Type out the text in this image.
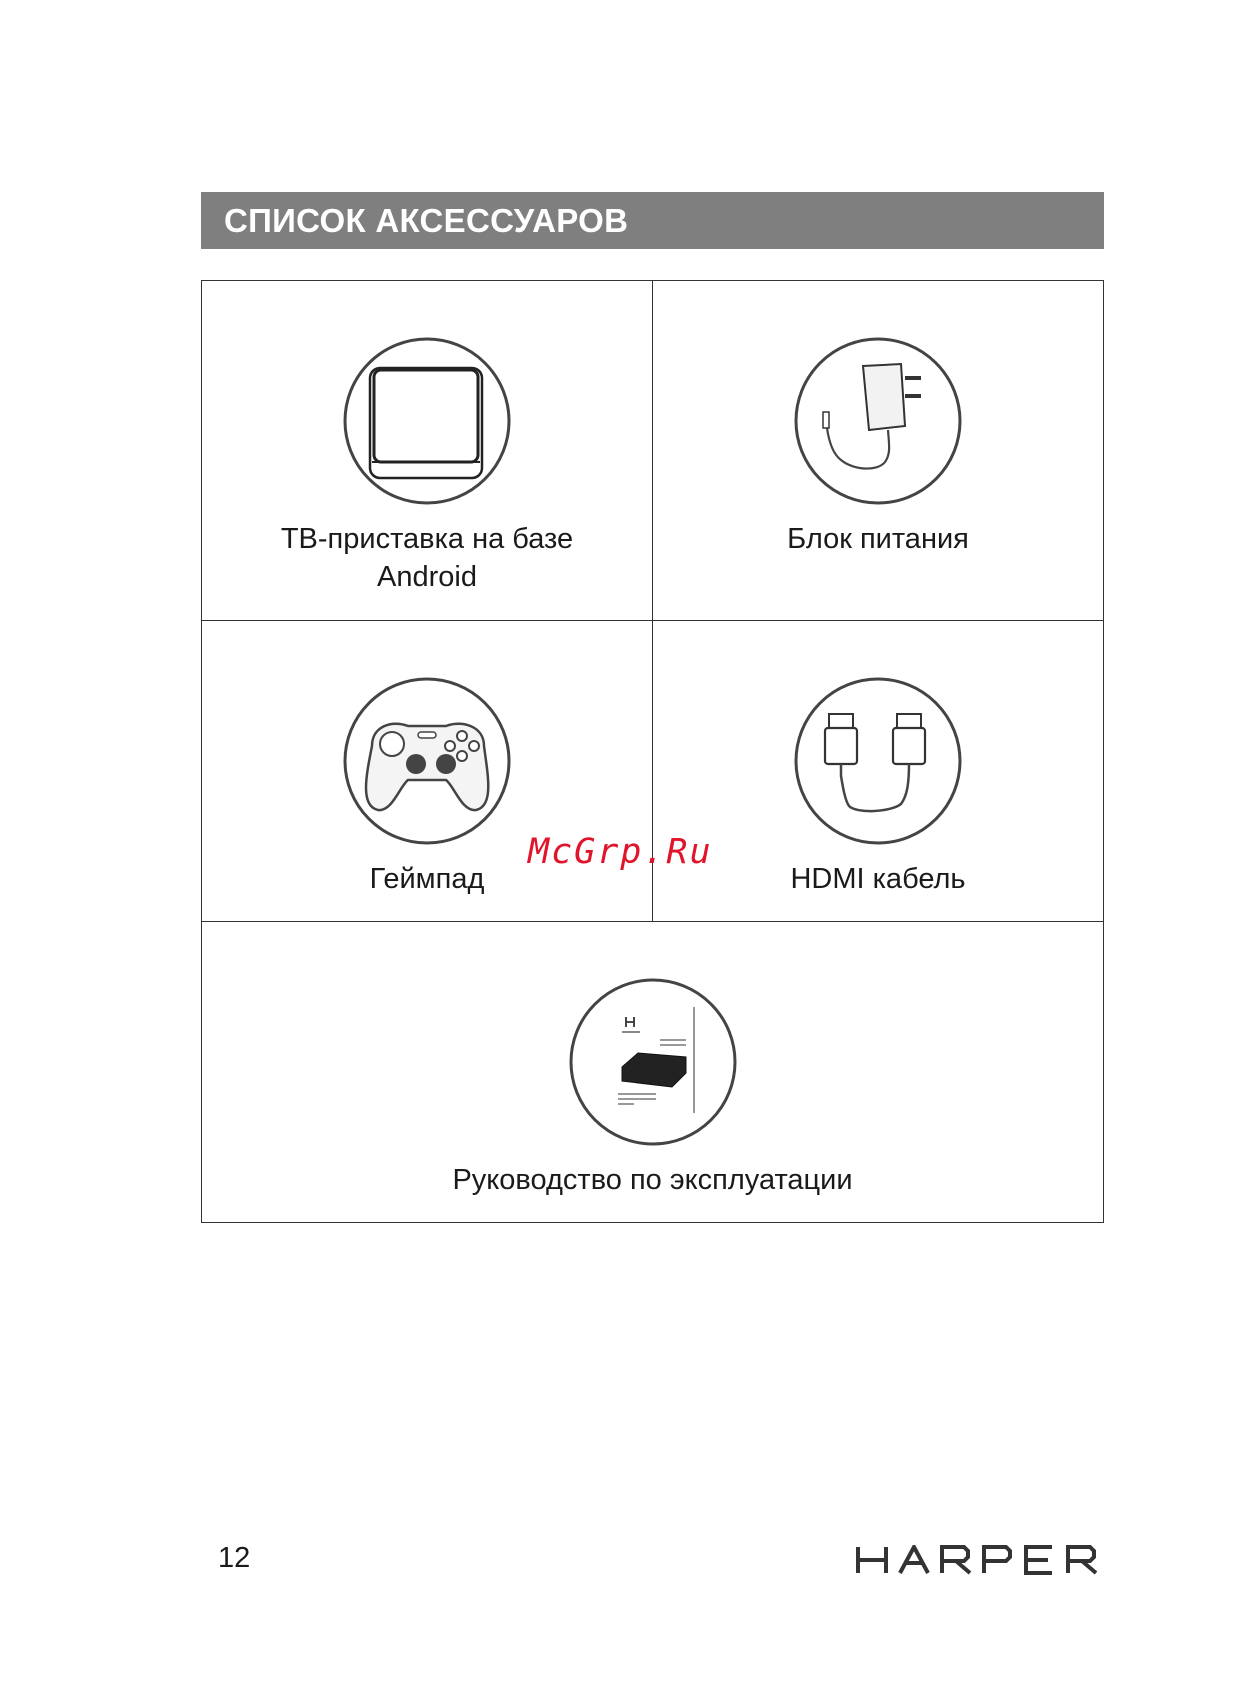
СПИСОК АКСЕССУАРОВ
ТВ-приставка на базе
Android
Блок питания
Геймпад	HDMI кабель
Руководство по эксплуатации
McGrp.Ru
12
